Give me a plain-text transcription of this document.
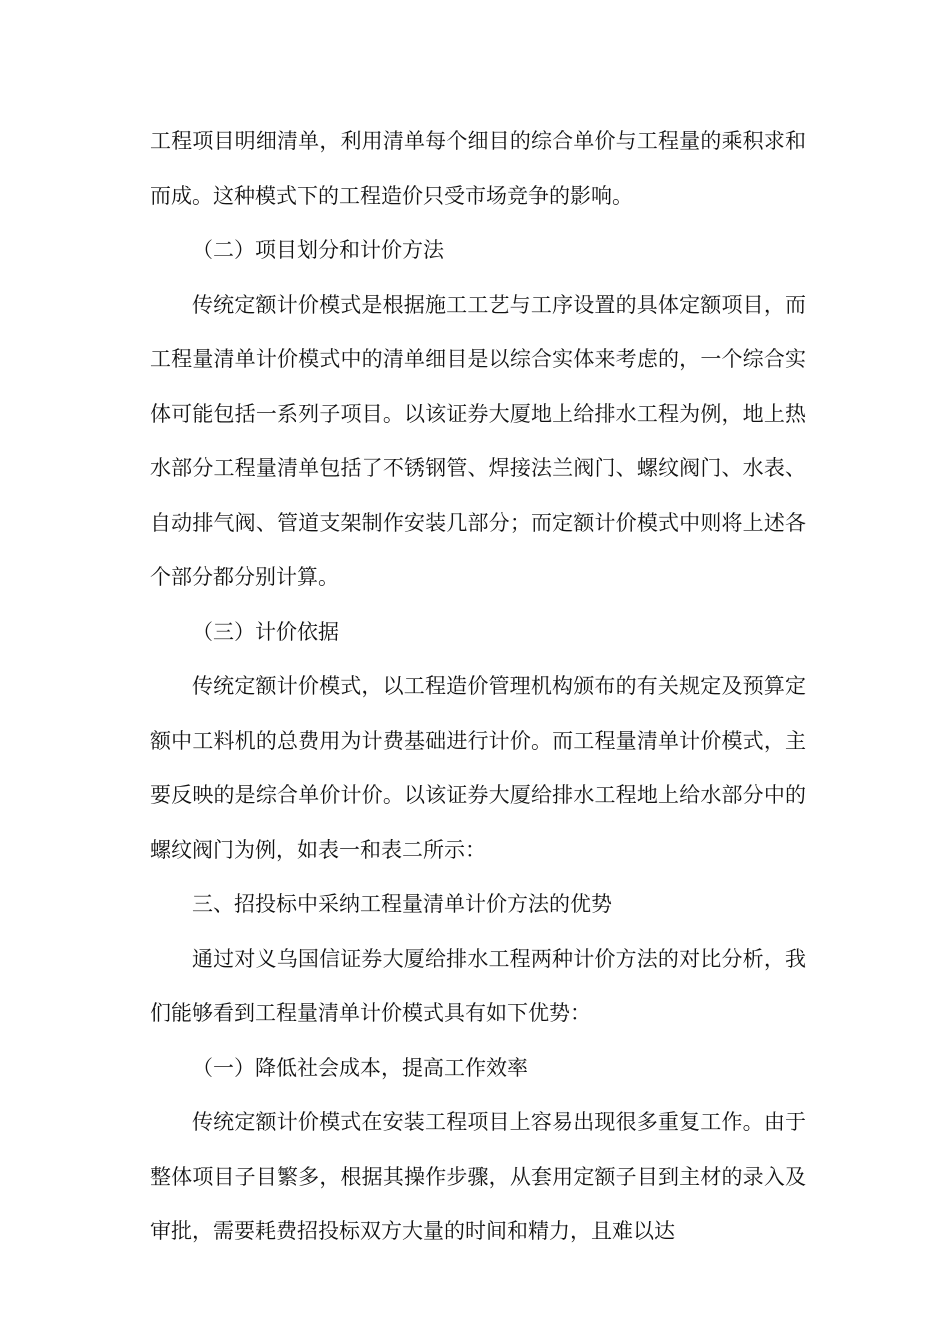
工程项目明细清单，利用清单每个细目的综合单价与工程量的乘积求和而成。这种模式下的工程造价只受市场竞争的影响。

（二）项目划分和计价方法

传统定额计价模式是根据施工工艺与工序设置的具体定额项目，而工程量清单计价模式中的清单细目是以综合实体来考虑的，一个综合实体可能包括一系列子项目。以该证券大厦地上给排水工程为例，地上热水部分工程量清单包括了不锈钢管、焊接法兰阀门、螺纹阀门、水表、自动排气阀、管道支架制作安装几部分；而定额计价模式中则将上述各个部分都分别计算。

（三）计价依据

传统定额计价模式，以工程造价管理机构颁布的有关规定及预算定额中工料机的总费用为计费基础进行计价。而工程量清单计价模式，主要反映的是综合单价计价。以该证券大厦给排水工程地上给水部分中的螺纹阀门为例，如表一和表二所示：

三、招投标中采纳工程量清单计价方法的优势

通过对义乌国信证券大厦给排水工程两种计价方法的对比分析，我们能够看到工程量清单计价模式具有如下优势：

（一）降低社会成本，提高工作效率

传统定额计价模式在安装工程项目上容易出现很多重复工作。由于整体项目子目繁多，根据其操作步骤，从套用定额子目到主材的录入及审批，需要耗费招投标双方大量的时间和精力，且难以达
